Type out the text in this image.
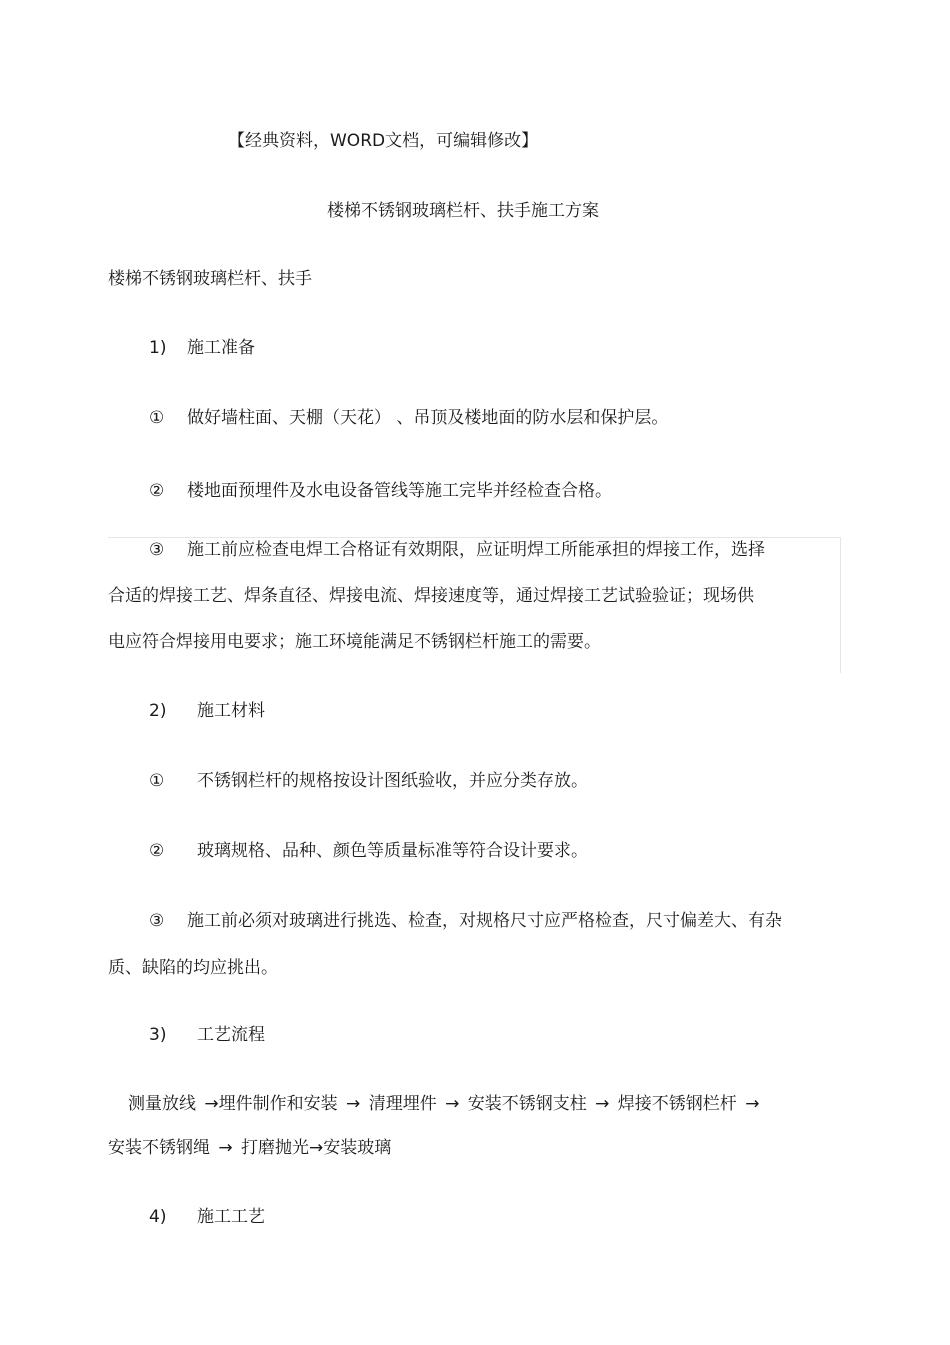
【经典资料，WORD文档，可编辑修改】
楼梯不锈钢玻璃栏杆、扶手施工方案
楼梯不锈钢玻璃栏杆、扶手
1) 施工准备
① 做好墙柱面、天棚（天花） 、吊顶及楼地面的防水层和保护层。
② 楼地面预埋件及水电设备管线等施工完毕并经检查合格。
③ 施工前应检查电焊工合格证有效期限，应证明焊工所能承担的焊接工作，选择
合适的焊接工艺、焊条直径、焊接电流、焊接速度等，通过焊接工艺试验验证；现场供
电应符合焊接用电要求；施工环境能满足不锈钢栏杆施工的需要。
2) 施工材料
① 不锈钢栏杆的规格按设计图纸验收，并应分类存放。
② 玻璃规格、品种、颜色等质量标准等符合设计要求。
③ 施工前必须对玻璃进行挑选、检查，对规格尺寸应严格检查，尺寸偏差大、有杂
质、缺陷的均应挑出。
3) 工艺流程
测量放线 →埋件制作和安装 → 清理埋件 → 安装不锈钢支柱 → 焊接不锈钢栏杆 →
安装不锈钢绳 → 打磨抛光→安装玻璃
4) 施工工艺
